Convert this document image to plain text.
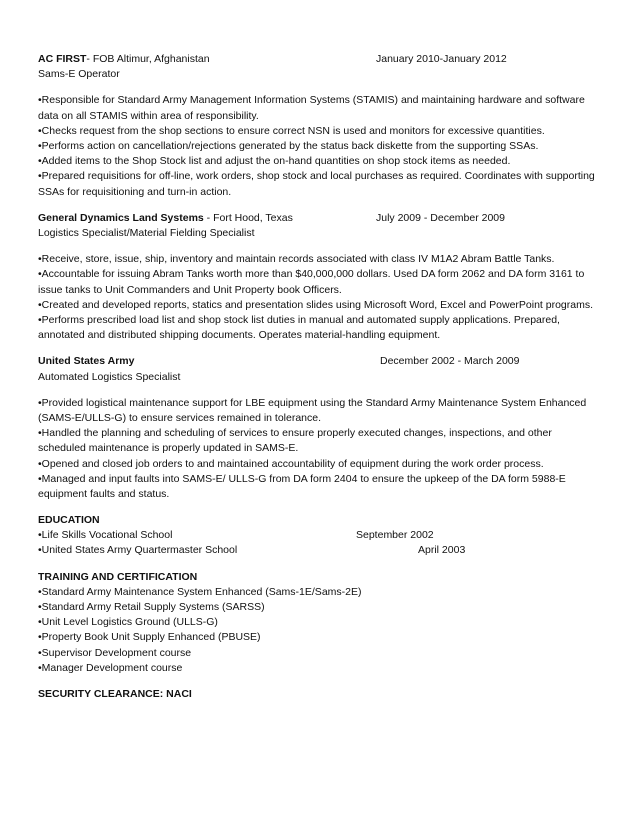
AC FIRST- FOB Altimur, Afghanistan	January 2010-January 2012
Sams-E Operator
•Responsible for Standard Army Management Information Systems (STAMIS) and maintaining hardware and software data on all STAMIS within area of responsibility.
•Checks request from the shop sections to ensure correct NSN is used and monitors for excessive quantities.
•Performs action on cancellation/rejections generated by the status back diskette from the supporting SSAs.
•Added items to the Shop Stock list and adjust the on-hand quantities on shop stock items as needed.
•Prepared requisitions for off-line, work orders, shop stock and local purchases as required. Coordinates with supporting SSAs for requisitioning and turn-in action.
General Dynamics Land Systems - Fort Hood, Texas	July 2009 - December 2009
Logistics Specialist/Material Fielding Specialist
•Receive, store, issue, ship, inventory and maintain records associated with class IV M1A2 Abram Battle Tanks.
•Accountable for issuing Abram Tanks worth more than $40,000,000 dollars. Used DA form 2062 and DA form 3161 to issue tanks to Unit Commanders and Unit Property book Officers.
•Created and developed reports, statics and presentation slides using Microsoft Word, Excel and PowerPoint programs.
•Performs prescribed load list and shop stock list duties in manual and automated supply applications. Prepared, annotated and distributed shipping documents. Operates material-handling equipment.
United States Army	December 2002 - March 2009
Automated Logistics Specialist
•Provided logistical maintenance support for LBE equipment using the Standard Army Maintenance System Enhanced (SAMS-E/ULLS-G) to ensure services remained in tolerance.
•Handled the planning and scheduling of services to ensure properly executed changes, inspections, and other scheduled maintenance is properly updated in SAMS-E.
•Opened and closed job orders to and maintained accountability of equipment during the work order process.
•Managed and input faults into SAMS-E/ ULLS-G from DA form 2404 to ensure the upkeep of the DA form 5988-E equipment faults and status.
EDUCATION
•Life Skills Vocational School	September 2002
•United States Army Quartermaster School	April 2003
TRAINING AND CERTIFICATION
•Standard Army Maintenance System Enhanced (Sams-1E/Sams-2E)
•Standard Army Retail Supply Systems (SARSS)
•Unit Level Logistics Ground (ULLS-G)
•Property Book Unit Supply Enhanced (PBUSE)
•Supervisor Development course
•Manager Development course
SECURITY CLEARANCE: NACI
